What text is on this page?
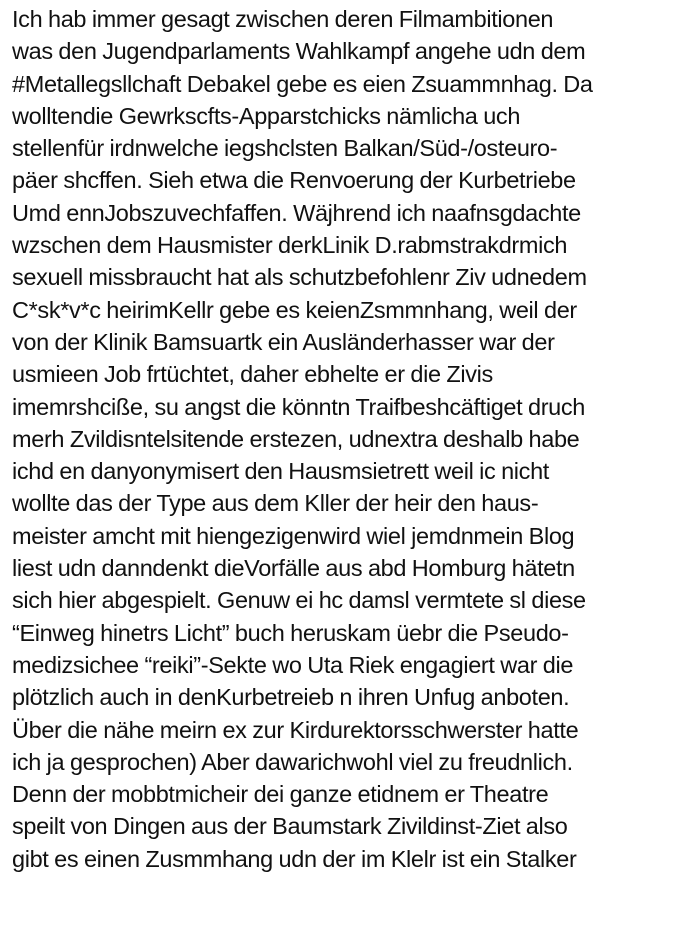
Ich hab immer gesagt zwischen deren Filmambitionen
was den Jugendparlaments Wahlkampf angehe udn dem
#Metallegsllchaft Debakel gebe es eien Zsuammnhag. Da
wolltendie Gewrkscfts-Apparstchicks nämlicha uch
stellenfür irdnwelche iegshclsten Balkan/Süd-/osteuro-
päer shcffen. Sieh etwa die Renvoerung der Kurbetriebe
Umd ennJobszuvechfaffen. Wäjhrend ich naafnsgdachte
wzschen dem Hausmister derkLinik D.rabmstrakdrmich
sexuell missbraucht hat als schutzbefohlenr Ziv udnedem
C*sk*v*c heirimKellr gebe es keienZsmmnhang, weil der
von der Klinik Bamsuartk ein Ausländerhasser war der
usmieen Job frtüchtet, daher ebhelte er die Zivis
imemrshcißе, su angst die könntn Traifbeshcäftiget druch
merh Zvildisntelsitende erstezen, udnextra deshalb habe
ichd en danyonymisert den Hausmsietrett weil ic nicht
wollte das der Type aus dem Kller der heir den haus-
meister amcht mit hiengezigenwird wiel jemdnmein Blog
liest udn danndenkt dieVorfälle aus abd Homburg hätetn
sich hier abgespielt. Genuw ei hc damsl vermtete sl diese
“Einweg hinetrs Licht” buch heruskam üebr die Pseudo-
medizsichee “reiki”-Sekte wo Uta Riek engagiert war die
plötzlich auch in denKurbetreieb n ihren Unfug anboten.
Über die nähe meirn ex zur Kirdurektorsschwerster hatte
ich ja gesprochen) Aber dawarichwohl viel zu freudnlich.
Denn der mobbtmicheir dei ganze etidnem er Theatre
speilt von Dingen aus der Baumstark Zivildinst-Ziet also
gibt es einen Zusmmhang udn der im Klelr ist ein Stalker
